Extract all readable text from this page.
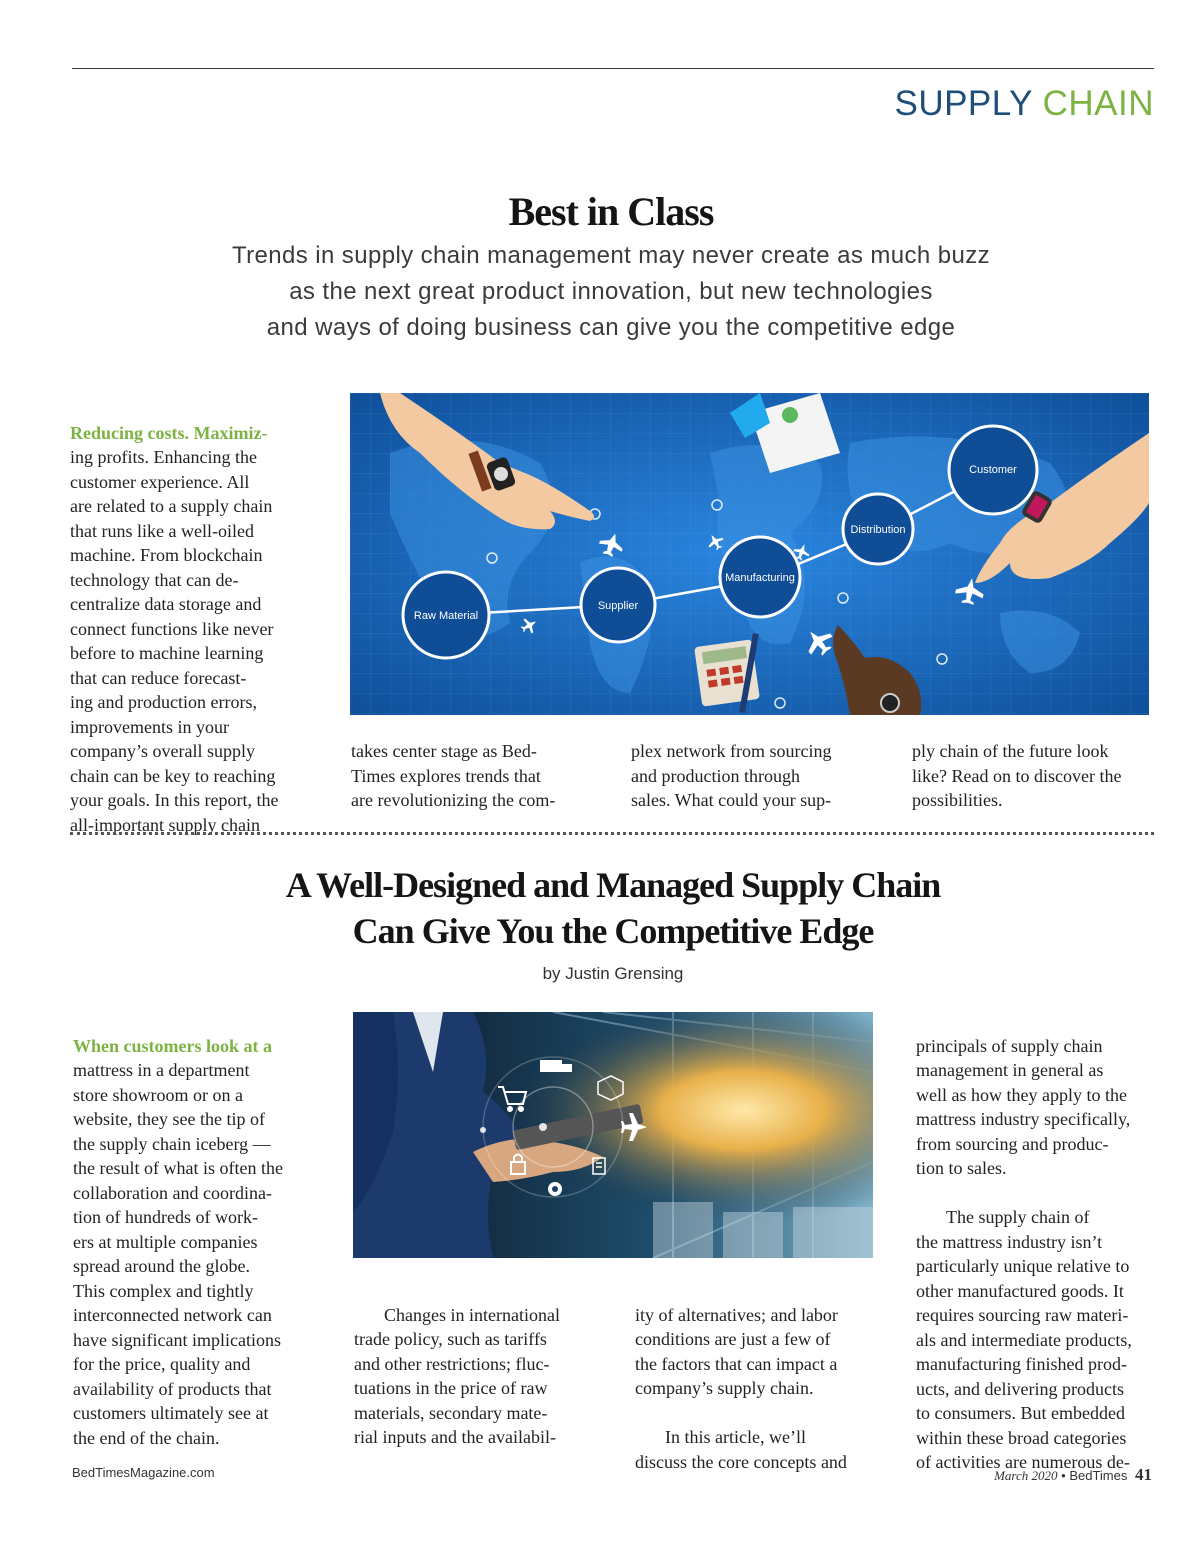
SUPPLY CHAIN
Best in Class
Trends in supply chain management may never create as much buzz
as the next great product innovation, but new technologies
and ways of doing business can give you the competitive edge

Reducing costs. Maximiz-
ing profits. Enhancing the
customer experience. All
are related to a supply chain
that runs like a well-oiled
machine. From blockchain
technology that can de-
centralize data storage and
connect functions like never
before to machine learning
that can reduce forecast-
ing and production errors,
improvements in your
company’s overall supply
chain can be key to reaching
your goals. In this report, the
all-important supply chain

Raw Material
Supplier
Manufacturing
Distribution
Customer
takes center stage as Bed-
Times explores trends that
are revolutionizing the com-
plex network from sourcing
and production through
sales. What could your sup-
ply chain of the future look
like? Read on to discover the
possibilities.
A Well-Designed and Managed Supply Chain
Can Give You the Competitive Edge
by Justin Grensing

When customers look at a
mattress in a department
store showroom or on a
website, they see the tip of
the supply chain iceberg —
the result of what is often the
collaboration and coordina-
tion of hundreds of work-
ers at multiple companies
spread around the globe.
This complex and tightly
interconnected network can
have significant implications
for the price, quality and
availability of products that
customers ultimately see at
the end of the chain.

Changes in international
trade policy, such as tariffs
and other restrictions; fluc-
tuations in the price of raw
materials, secondary mate-
rial inputs and the availabil-

ity of alternatives; and labor
conditions are just a few of
the factors that can impact a
company’s supply chain.

In this article, we’ll
discuss the core concepts and

principals of supply chain
management in general as
well as how they apply to the
mattress industry specifically,
from sourcing and produc-
tion to sales.

The supply chain of
the mattress industry isn’t
particularly unique relative to
other manufactured goods. It
requires sourcing raw materi-
als and intermediate products,
manufacturing finished prod-
ucts, and delivering products
to consumers. But embedded
within these broad categories
of activities are numerous de-

BedTimesMagazine.com	March 2020 • BedTimes 41
